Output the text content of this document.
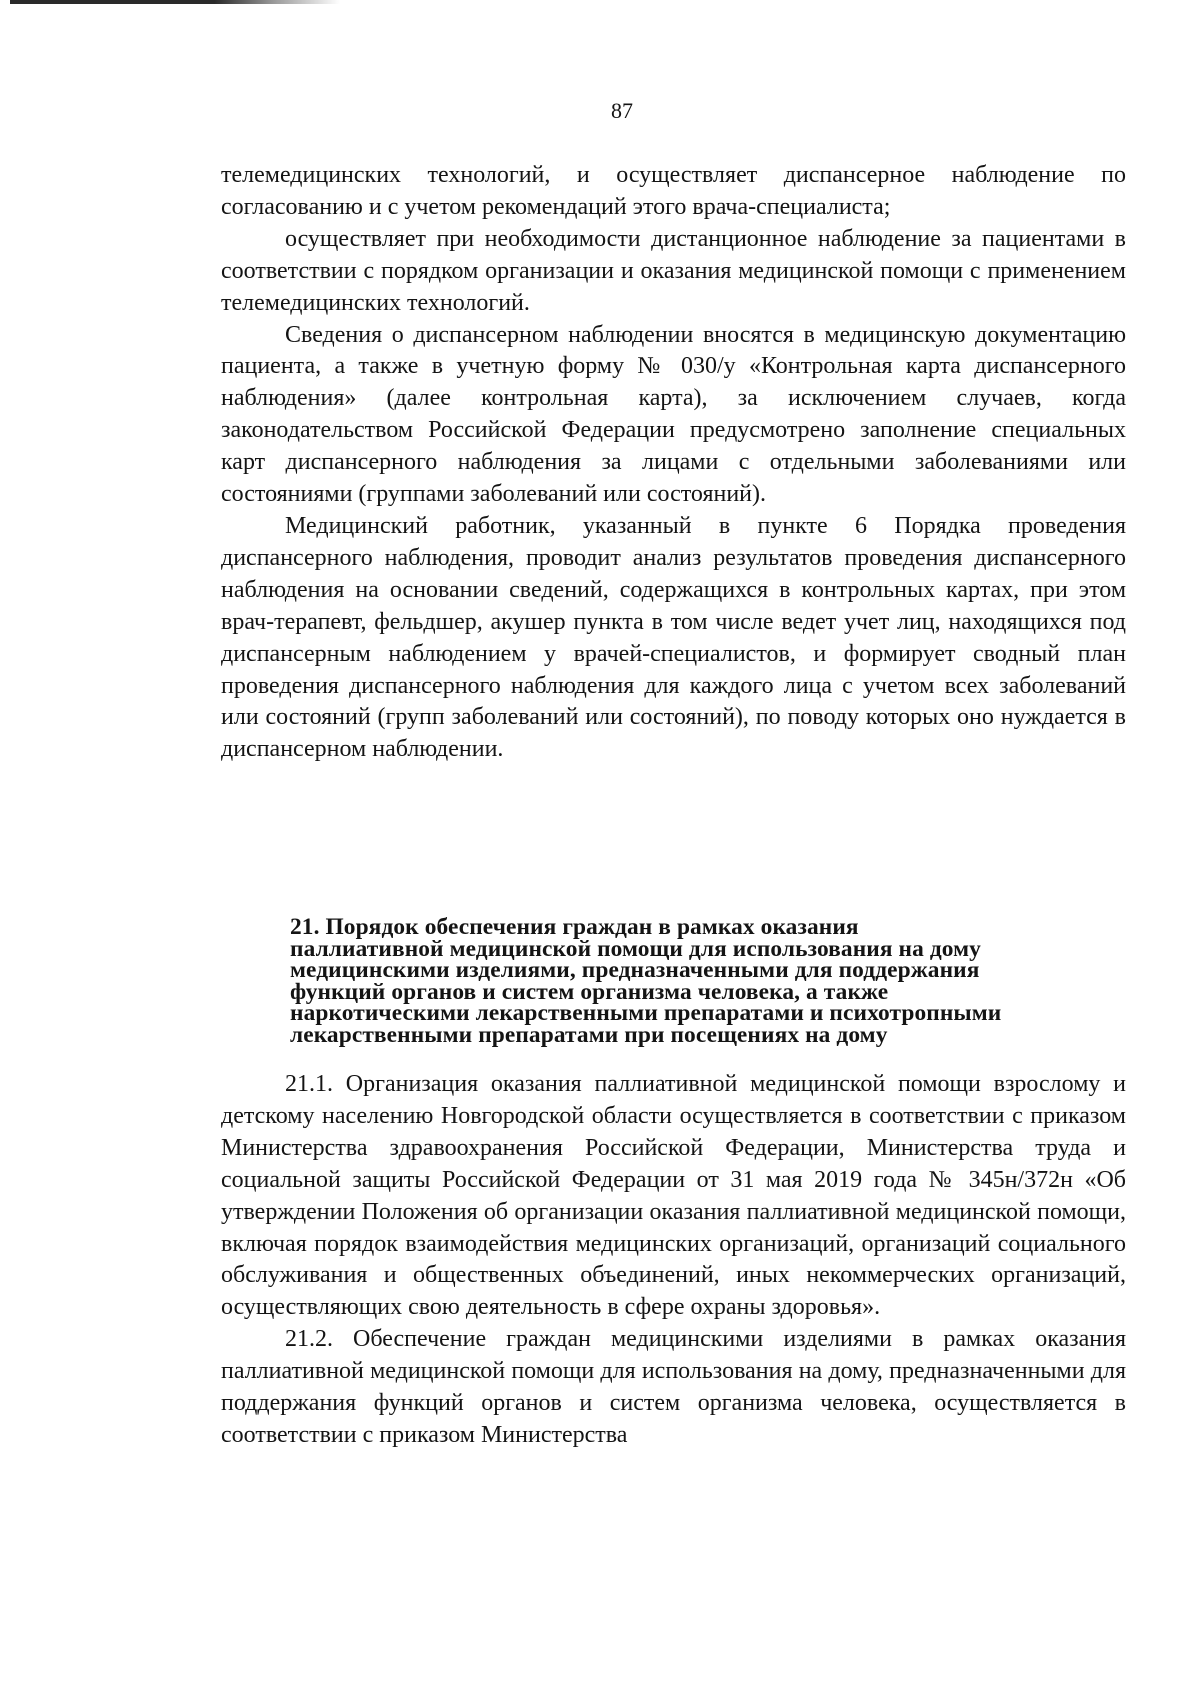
87

телемедицинских технологий, и осуществляет диспансерное наблюдение по согласованию и с учетом рекомендаций этого врача-специалиста;

осуществляет при необходимости дистанционное наблюдение за пациентами в соответствии с порядком организации и оказания медицинской помощи с применением телемедицинских технологий.

Сведения о диспансерном наблюдении вносятся в медицинскую документацию пациента, а также в учетную форму № 030/у «Контрольная карта диспансерного наблюдения» (далее контрольная карта), за исключением случаев, когда законодательством Российской Федерации предусмотрено заполнение специальных карт диспансерного наблюдения за лицами с отдельными заболеваниями или состояниями (группами заболеваний или состояний).

Медицинский работник, указанный в пункте 6 Порядка проведения диспансерного наблюдения, проводит анализ результатов проведения диспансерного наблюдения на основании сведений, содержащихся в контрольных картах, при этом врач-терапевт, фельдшер, акушер пункта в том числе ведет учет лиц, находящихся под диспансерным наблюдением у врачей-специалистов, и формирует сводный план проведения диспансерного наблюдения для каждого лица с учетом всех заболеваний или состояний (групп заболеваний или состояний), по поводу которых оно нуждается в диспансерном наблюдении.

21. Порядок обеспечения граждан в рамках оказания
паллиативной медицинской помощи для использования на дому
медицинскими изделиями, предназначенными для поддержания
функций органов и систем организма человека, а также
наркотическими лекарственными препаратами и психотропными
лекарственными препаратами при посещениях на дому

21.1. Организация оказания паллиативной медицинской помощи взрослому и детскому населению Новгородской области осуществляется в соответствии с приказом Министерства здравоохранения Российской Федерации, Министерства труда и социальной защиты Российской Федерации от 31 мая 2019 года № 345н/372н «Об утверждении Положения об организации оказания паллиативной медицинской помощи, включая порядок взаимодействия медицинских организаций, организаций социального обслуживания и общественных объединений, иных некоммерческих организаций, осуществляющих свою деятельность в сфере охраны здоровья».

21.2. Обеспечение граждан медицинскими изделиями в рамках оказания паллиативной медицинской помощи для использования на дому, предназначенными для поддержания функций органов и систем организма человека, осуществляется в соответствии с приказом Министерства
